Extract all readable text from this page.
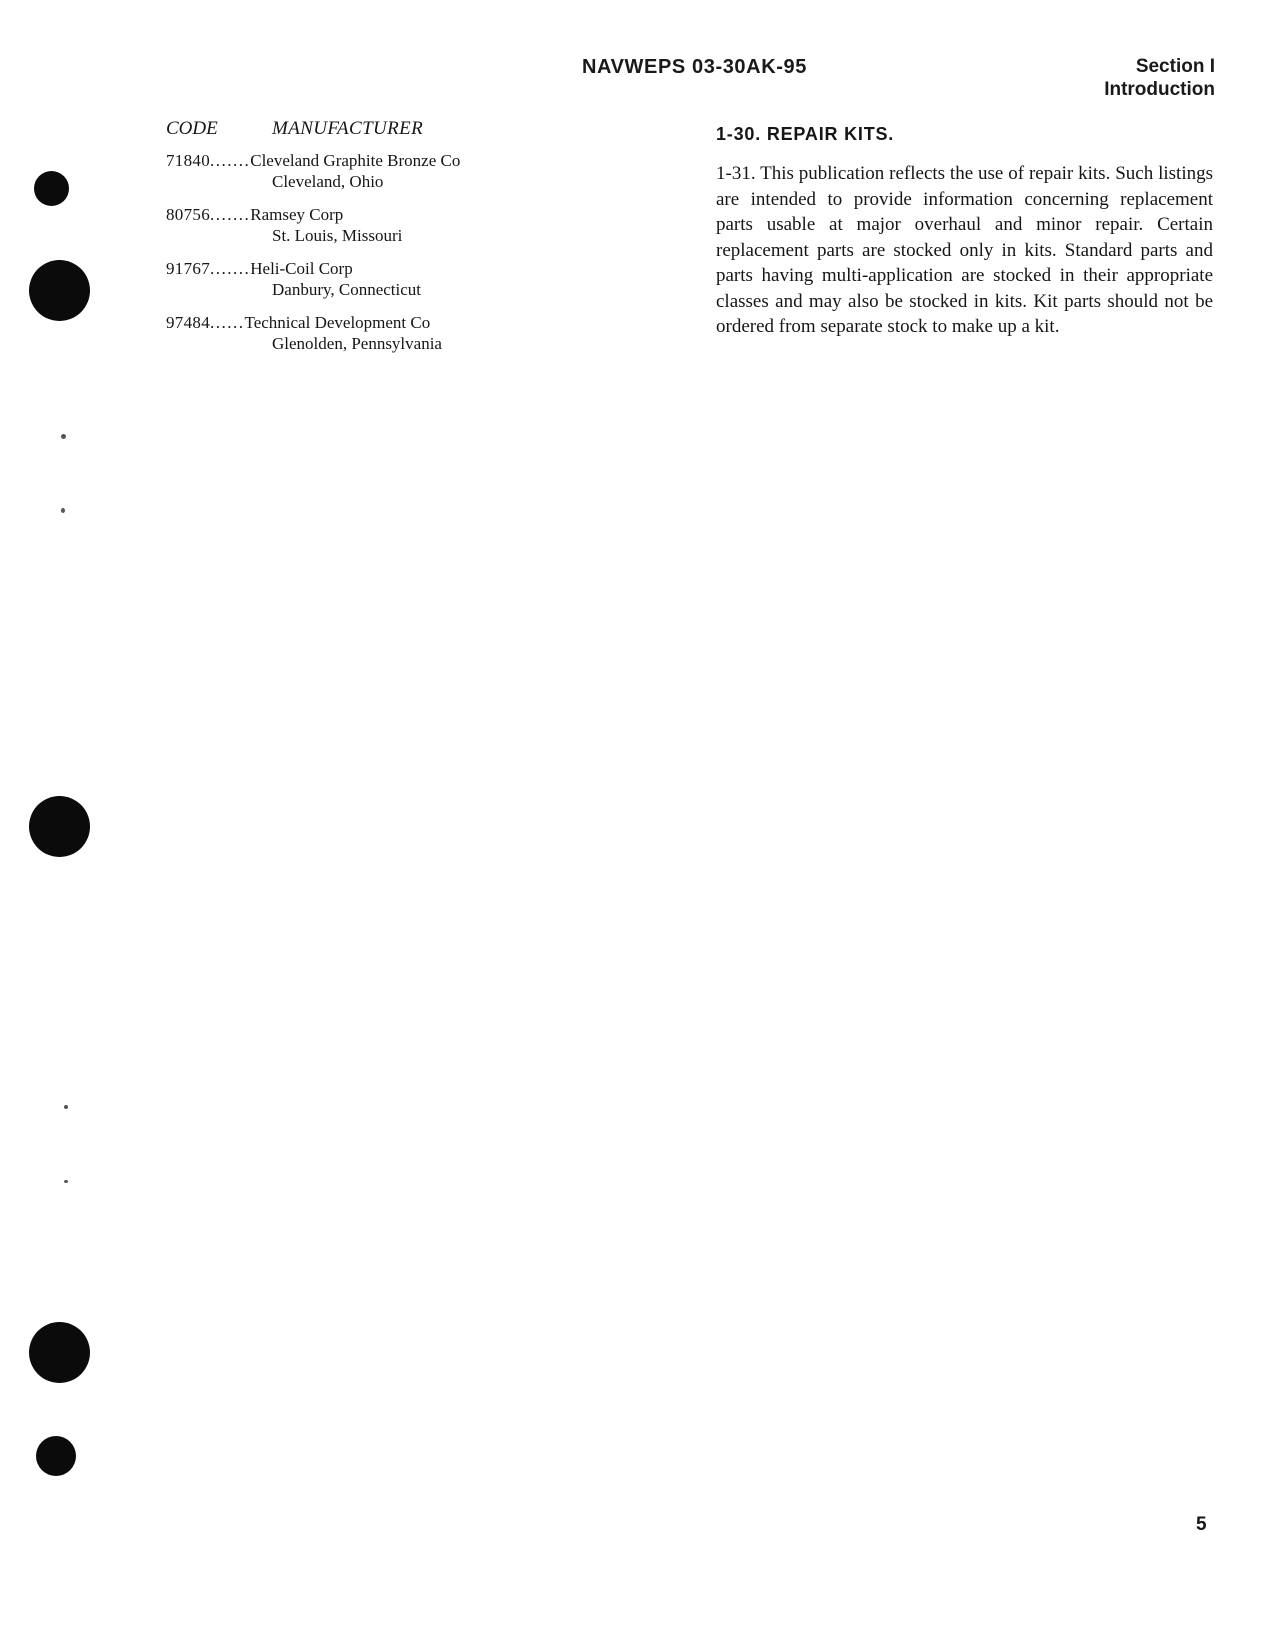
NAVWEPS 03-30AK-95	Section I
Introduction
CODE	MANUFACTURER
71840.......Cleveland Graphite Bronze Co
Cleveland, Ohio
80756.......Ramsey Corp
St. Louis, Missouri
91767.......Heli-Coil Corp
Danbury, Connecticut
97484......Technical Development Co
Glenolden, Pennsylvania
1-30. REPAIR KITS.

1-31. This publication reflects the use of repair kits. Such listings are intended to provide information concerning replacement parts usable at major overhaul and minor repair. Certain replacement parts are stocked only in kits. Standard parts and parts having multi-application are stocked in their appropriate classes and may also be stocked in kits. Kit parts should not be ordered from separate stock to make up a kit.

5
